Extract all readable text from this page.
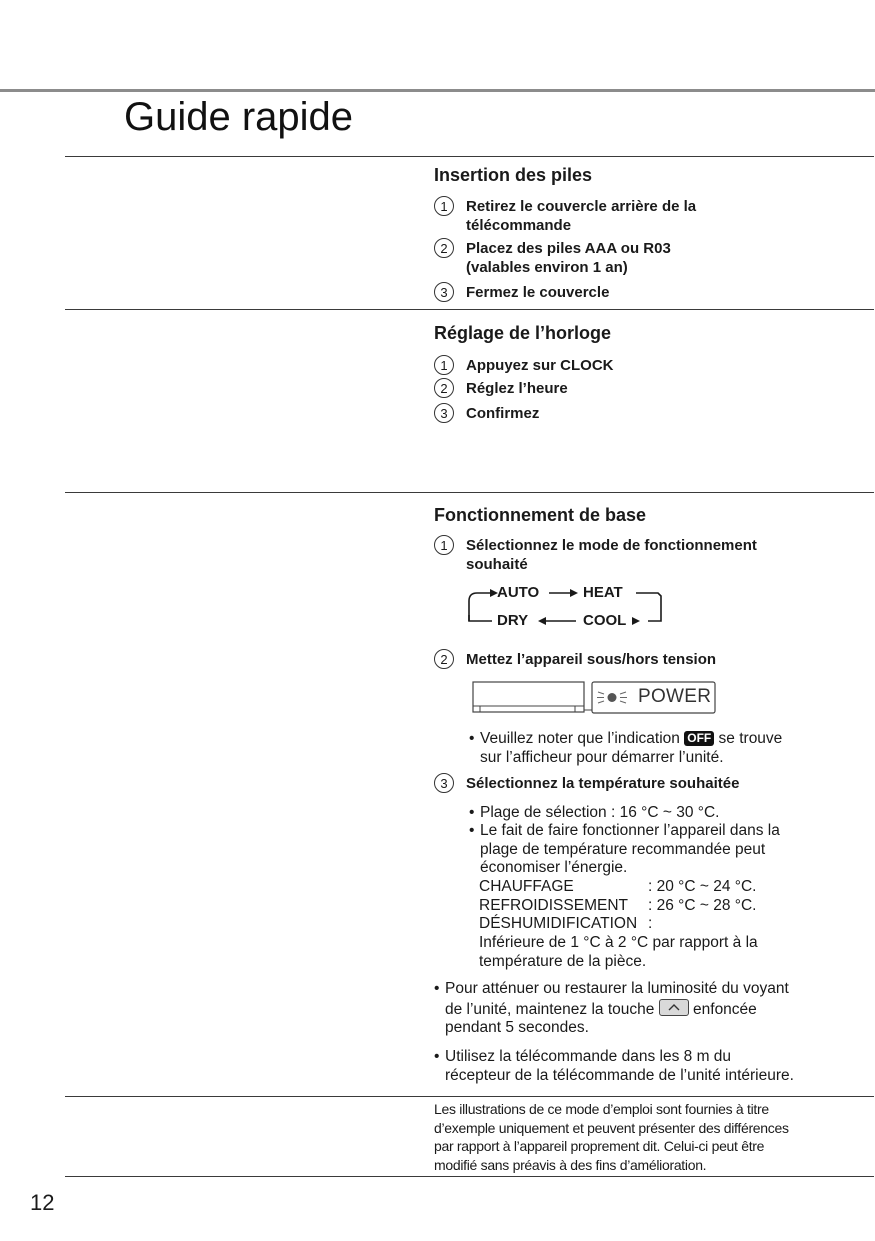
Guide rapide
Insertion des piles
1	Retirez le couvercle arrière de la
télécommande
2	Placez des piles AAA ou R03
(valables environ 1 an)
3	Fermez le couvercle
Réglage de l’horloge
1	Appuyez sur CLOCK
2	Réglez l’heure
3	Confirmez
Fonctionnement de base
1	Sélectionnez le mode de fonctionnement
souhaité
AUTO	HEAT
DRY	COOL
2	Mettez l’appareil sous/hors tension
POWER
• Veuillez noter que l’indication OFF se trouve
sur l’afficheur pour démarrer l’unité.
3	Sélectionnez la température souhaitée
• Plage de sélection : 16 °C ~ 30 °C.
• Le fait de faire fonctionner l’appareil dans la
plage de température recommandée peut
économiser l’énergie.
CHAUFFAGE	: 20 °C ~ 24 °C.
REFROIDISSEMENT : 26 °C ~ 28 °C.
DÉSHUMIDIFICATION :
Inférieure de 1 °C à 2 °C par rapport à la
température de la pièce.
• Pour atténuer ou restaurer la luminosité du voyant
de l’unité, maintenez la touche enfoncée
pendant 5 secondes.
• Utilisez la télécommande dans les 8 m du
récepteur de la télécommande de l’unité intérieure.
Les illustrations de ce mode d’emploi sont fournies à titre
d’exemple uniquement et peuvent présenter des différences
par rapport à l’appareil proprement dit. Celui-ci peut être
modifié sans préavis à des fins d’amélioration.
12
